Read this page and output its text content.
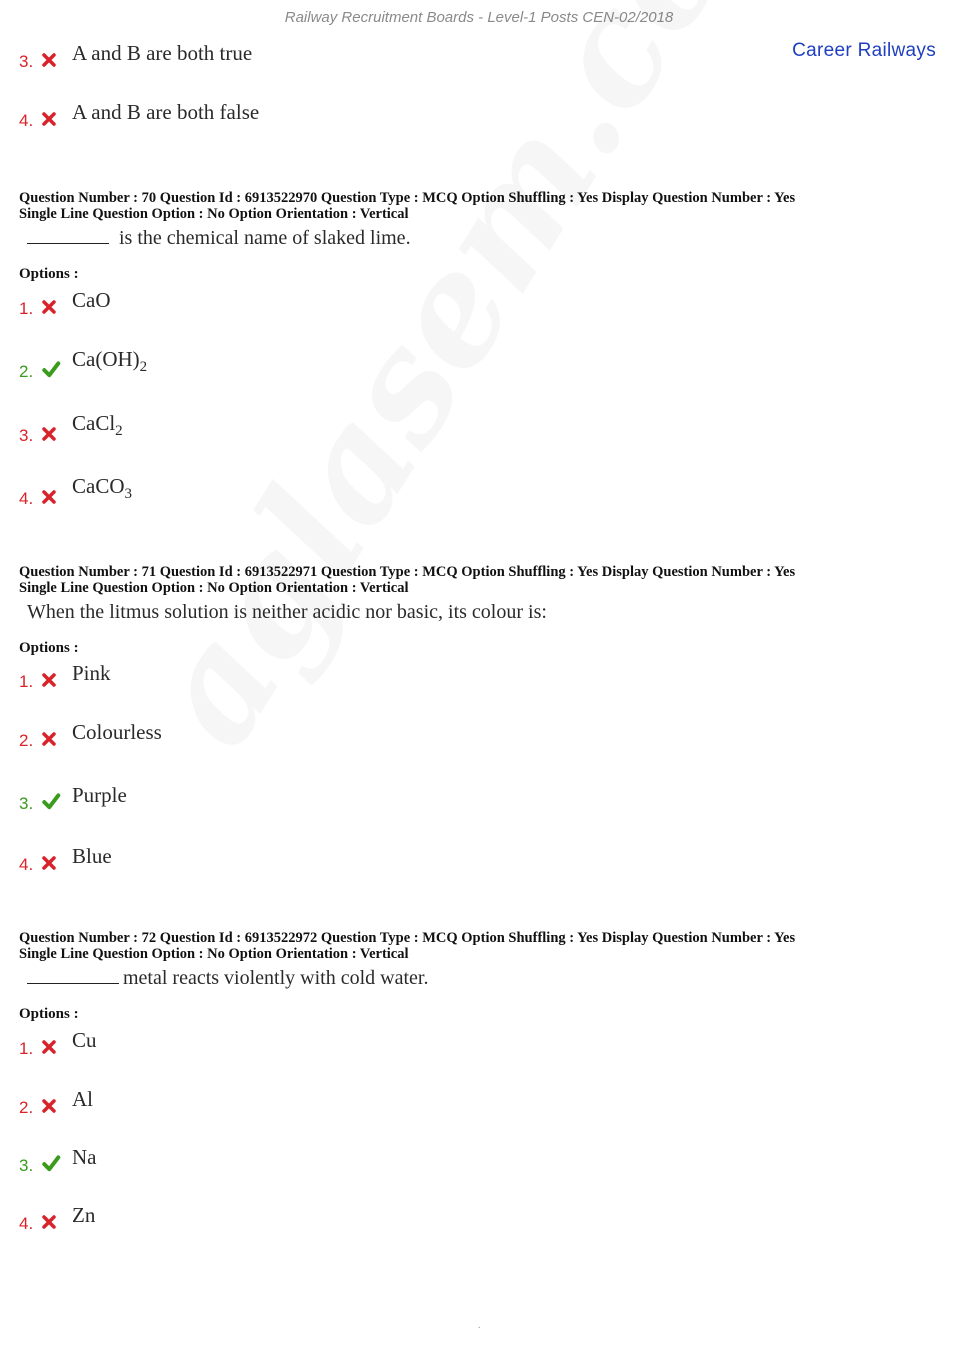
Railway Recruitment Boards - Level-1 Posts CEN-02/2018
Career Railways
3. A and B are both true
4. A and B are both false

Question Number : 70 Question Id : 6913522970 Question Type : MCQ Option Shuffling : Yes Display Question Number : Yes

Single Line Question Option : No Option Orientation : Vertical

is the chemical name of slaked lime.

Options :

1. CaO
2.
$Ca(OH)_2$
3.
CaCl$_2$
4.
CaCO$_3$

Question Number : 71 Question Id : 6913522971 Question Type : MCQ Option Shuffling : Yes Display Question Number : Yes

Single Line Question Option : No Option Orientation : Vertical

When the litmus solution is neither acidic nor basic, its colour is:

Options :

1. Pink
2. Colourless
3. Purple
4. Blue

Question Number : 72 Question Id : 6913522972 Question Type : MCQ Option Shuffling : Yes Display Question Number : Yes

Single Line Question Option : No Option Orientation : Vertical

metal reacts violently with cold water.

Options :

1. Cu
2. Al
3. Na
4. Zn
.
